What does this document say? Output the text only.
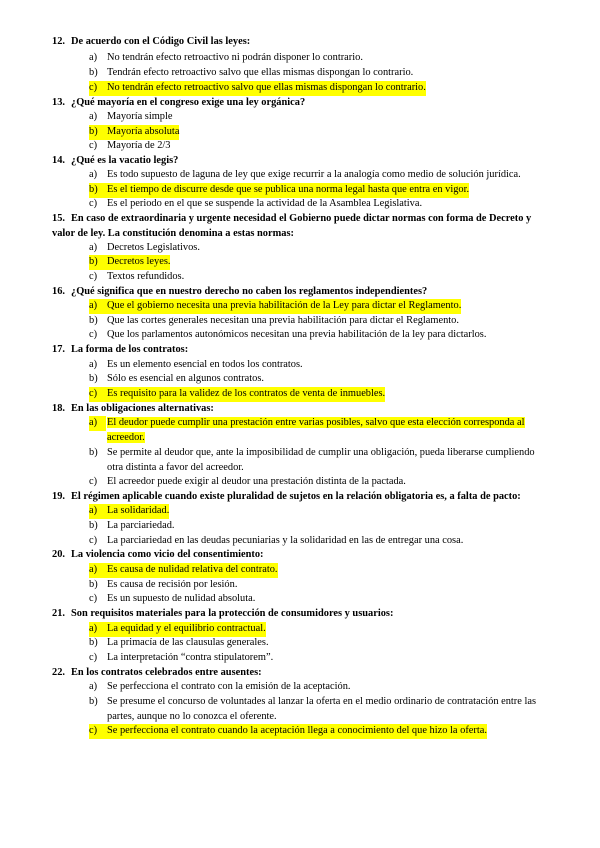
12. De acuerdo con el Código Civil las leyes:
a) No tendrán efecto retroactivo ni podrán disponer lo contrario.
b) Tendrán efecto retroactivo salvo que ellas mismas dispongan lo contrario.
c) No tendrán efecto retroactivo salvo que ellas mismas dispongan lo contrario.
13. ¿Qué mayoría en el congreso exige una ley orgánica?
a) Mayoría simple
b) Mayoría absoluta
c) Mayoría de 2/3
14. ¿Qué es la vacatio legis?
a) Es todo supuesto de laguna de ley que exige recurrir a la analogía como medio de solución jurídica.
b) Es el tiempo de discurre desde que se publica una norma legal hasta que entra en vigor.
c) Es el periodo en el que se suspende la actividad de la Asamblea Legislativa.
15. En caso de extraordinaria y urgente necesidad el Gobierno puede dictar normas con forma de Decreto y valor de ley. La constitución denomina a estas normas:
a) Decretos Legislativos.
b) Decretos leyes.
c) Textos refundidos.
16. ¿Qué significa que en nuestro derecho no caben los reglamentos independientes?
a) Que el gobierno necesita una previa habilitación de la Ley para dictar el Reglamento.
b) Que las cortes generales necesitan una previa habilitación para dictar el Reglamento.
c) Que los parlamentos autonómicos necesitan una previa habilitación de la ley para dictarlos.
17. La forma de los contratos:
a) Es un elemento esencial en todos los contratos.
b) Sólo es esencial en algunos contratos.
c) Es requisito para la validez de los contratos de venta de inmuebles.
18. En las obligaciones alternativas:
a) El deudor puede cumplir una prestación entre varias posibles, salvo que esta elección corresponda al acreedor.
b) Se permite al deudor que, ante la imposibilidad de cumplir una obligación, pueda liberarse cumpliendo otra distinta a favor del acreedor.
c) El acreedor puede exigir al deudor una prestación distinta de la pactada.
19. El régimen aplicable cuando existe pluralidad de sujetos en la relación obligatoria es, a falta de pacto:
a) La solidaridad.
b) La parciariedad.
c) La parciariedad en las deudas pecuniarias y la solidaridad en las de entregar una cosa.
20. La violencia como vicio del consentimiento:
a) Es causa de nulidad relativa del contrato.
b) Es causa de recisión por lesión.
c) Es un supuesto de nulidad absoluta.
21. Son requisitos materiales para la protección de consumidores y usuarios:
a) La equidad y el equilibrio contractual.
b) La primacía de las clausulas generales.
c) La interpretación “contra stipulatorem”.
22. En los contratos celebrados entre ausentes:
a) Se perfecciona el contrato con la emisión de la aceptación.
b) Se presume el concurso de voluntades al lanzar la oferta en el medio ordinario de contratación entre las partes, aunque no lo conozca el oferente.
c) Se perfecciona el contrato cuando la aceptación llega a conocimiento del que hizo la oferta.
